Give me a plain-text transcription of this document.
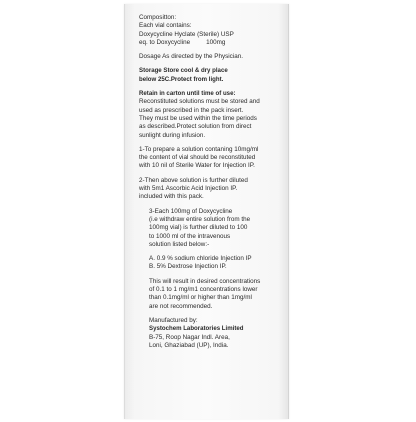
Compositton:
Each vial contains:
Doxycycline Hyclate (Sterile) USP
eq. to Doxycycline	100mg
Dosage As directed by the Physician.
Storage Store cool & dry place
below 25C.Protect from light.
Retain in carton until time of use:
Reconstituted solutions must be stored and
used as prescribed in the pack insert.
They must be used within the time periods
as described.Protect solution from direct
sunlight during infusion.
1-To prepare a solution contaning 10mg/ml
the content of vial should be reconstituted
with 10 nil of Sterile Water for Injection IP.
2-Then above solution is further diluted
with 5m1 Ascorbic Acid Injection IP.
included with this pack.
3-Each 100mg of Doxycycline
(i.e withdraw entire solution from the
100mg vial) is further diluted to 100
to 1000 ml of the intravenous
solution listed below:-
A. 0.9 % sodium chloride Injection IP
B. 5% Dextrose Injection IP.
This will result in desired concentrations
of 0.1 to 1 mg/m1 concentrations lower
than 0.1mg/ml or higher than 1mg/ml
are not recommended.
Manufactured by:
Systochem Laboratories Limited
B-75, Roop Nagar Indl. Area,
Loni, Ghaziabad (UP), India.
